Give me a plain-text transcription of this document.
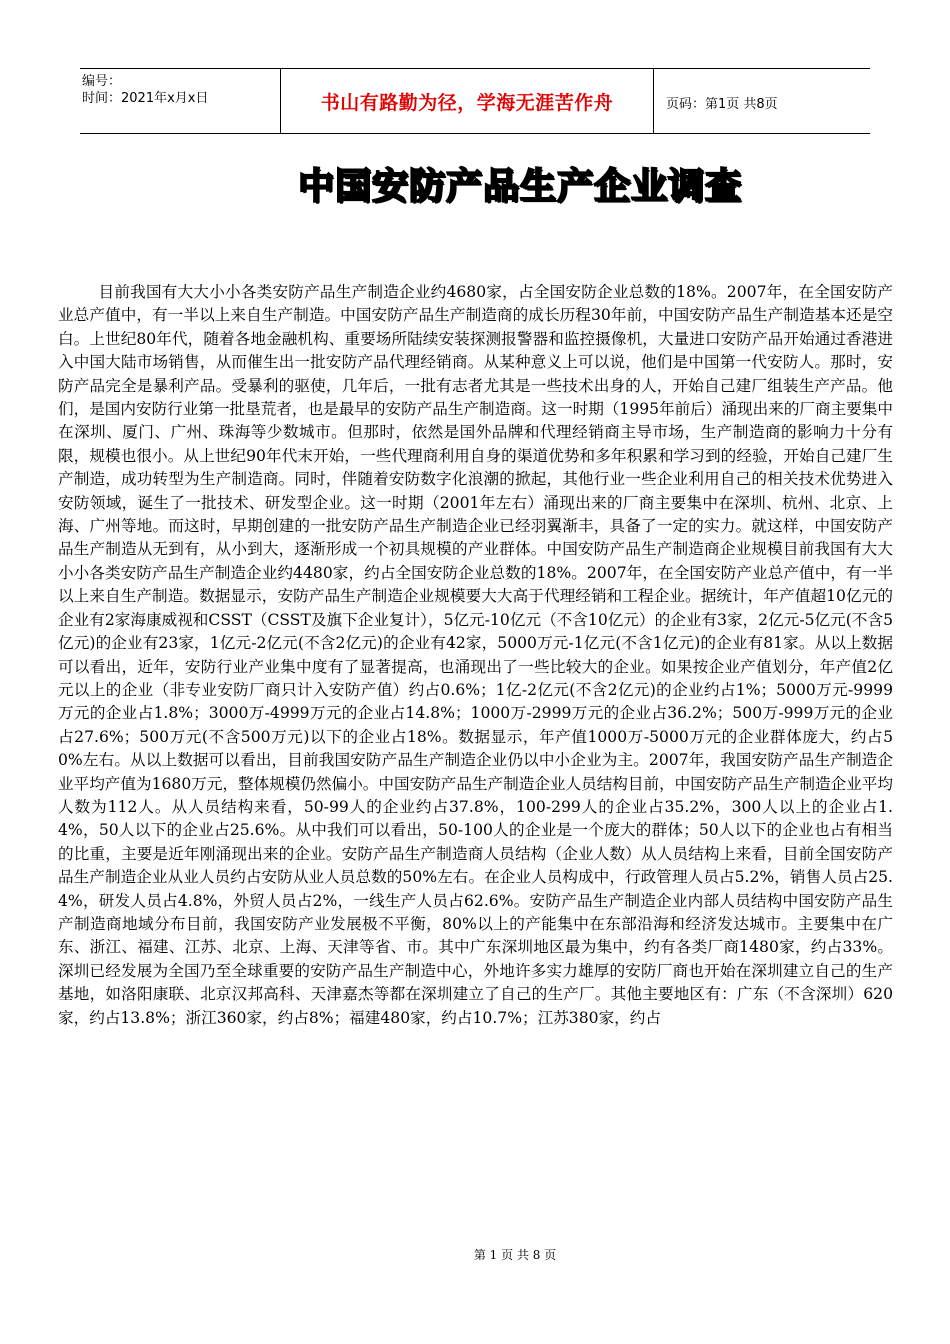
编号：
时间：2021年x月x日	书山有路勤为径，学海无涯苦作舟	页码：第1页 共8页
中国安防产品生产企业调查

目前我国有大大小小各类安防产品生产制造企业约4680家，占全国安防企业总数的18%。2007年，在全国安防产业总产值中，有一半以上来自生产制造。中国安防产品生产制造商的成长历程30年前，中国安防产品生产制造基本还是空白。上世纪80年代，随着各地金融机构、重要场所陆续安装探测报警器和监控摄像机，大量进口安防产品开始通过香港进入中国大陆市场销售，从而催生出一批安防产品代理经销商。从某种意义上可以说，他们是中国第一代安防人。那时，安防产品完全是暴利产品。受暴利的驱使，几年后，一批有志者尤其是一些技术出身的人，开始自己建厂组装生产产品。他们，是国内安防行业第一批垦荒者，也是最早的安防产品生产制造商。这一时期（1995年前后）涌现出来的厂商主要集中在深圳、厦门、广州、珠海等少数城市。但那时，依然是国外品牌和代理经销商主导市场，生产制造商的影响力十分有限，规模也很小。从上世纪90年代末开始，一些代理商利用自身的渠道优势和多年积累和学习到的经验，开始自己建厂生产制造，成功转型为生产制造商。同时，伴随着安防数字化浪潮的掀起，其他行业一些企业利用自己的相关技术优势进入安防领域，诞生了一批技术、研发型企业。这一时期（2001年左右）涌现出来的厂商主要集中在深圳、杭州、北京、上海、广州等地。而这时，早期创建的一批安防产品生产制造企业已经羽翼渐丰，具备了一定的实力。就这样，中国安防产品生产制造从无到有，从小到大，逐渐形成一个初具规模的产业群体。中国安防产品生产制造商企业规模目前我国有大大小小各类安防产品生产制造企业约4480家，约占全国安防企业总数的18%。2007年，在全国安防产业总产值中，有一半以上来自生产制造。数据显示，安防产品生产制造企业规模要大大高于代理经销和工程企业。据统计，年产值超10亿元的企业有2家海康威视和CSST（CSST及旗下企业复计），5亿元-10亿元（不含10亿元）的企业有3家，2亿元-5亿元(不含5亿元)的企业有23家，1亿元-2亿元(不含2亿元)的企业有42家，5000万元-1亿元(不含1亿元)的企业有81家。从以上数据可以看出，近年，安防行业产业集中度有了显著提高，也涌现出了一些比较大的企业。如果按企业产值划分，年产值2亿元以上的企业（非专业安防厂商只计入安防产值）约占0.6%；1亿-2亿元(不含2亿元)的企业约占1%；5000万元-9999万元的企业占1.8%；3000万-4999万元的企业占14.8%；1000万-2999万元的企业占36.2%；500万-999万元的企业占27.6%；500万元(不含500万元)以下的企业占18%。数据显示，年产值1000万-5000万元的企业群体庞大，约占50%左右。从以上数据可以看出，目前我国安防产品生产制造企业仍以中小企业为主。2007年，我国安防产品生产制造企业平均产值为1680万元，整体规模仍然偏小。中国安防产品生产制造企业人员结构目前，中国安防产品生产制造企业平均人数为112人。从人员结构来看，50-99人的企业约占37.8%，100-299人的企业占35.2%，300人以上的企业占1.4%，50人以下的企业占25.6%。从中我们可以看出，50-100人的企业是一个庞大的群体；50人以下的企业也占有相当的比重，主要是近年刚涌现出来的企业。安防产品生产制造商人员结构（企业人数）从人员结构上来看，目前全国安防产品生产制造企业从业人员约占安防从业人员总数的50%左右。在企业人员构成中，行政管理人员占5.2%，销售人员占25.4%，研发人员占4.8%，外贸人员占2%，一线生产人员占62.6%。安防产品生产制造企业内部人员结构中国安防产品生产制造商地域分布目前，我国安防产业发展极不平衡，80%以上的产能集中在东部沿海和经济发达城市。主要集中在广东、浙江、福建、江苏、北京、上海、天津等省、市。其中广东深圳地区最为集中，约有各类厂商1480家，约占33%。深圳已经发展为全国乃至全球重要的安防产品生产制造中心，外地许多实力雄厚的安防厂商也开始在深圳建立自己的生产基地，如洛阳康联、北京汉邦高科、天津嘉杰等都在深圳建立了自己的生产厂。其他主要地区有：广东（不含深圳）620家，约占13.8%；浙江360家，约占8%；福建480家，约占10.7%；江苏380家，约占

第 1 页 共 8 页
